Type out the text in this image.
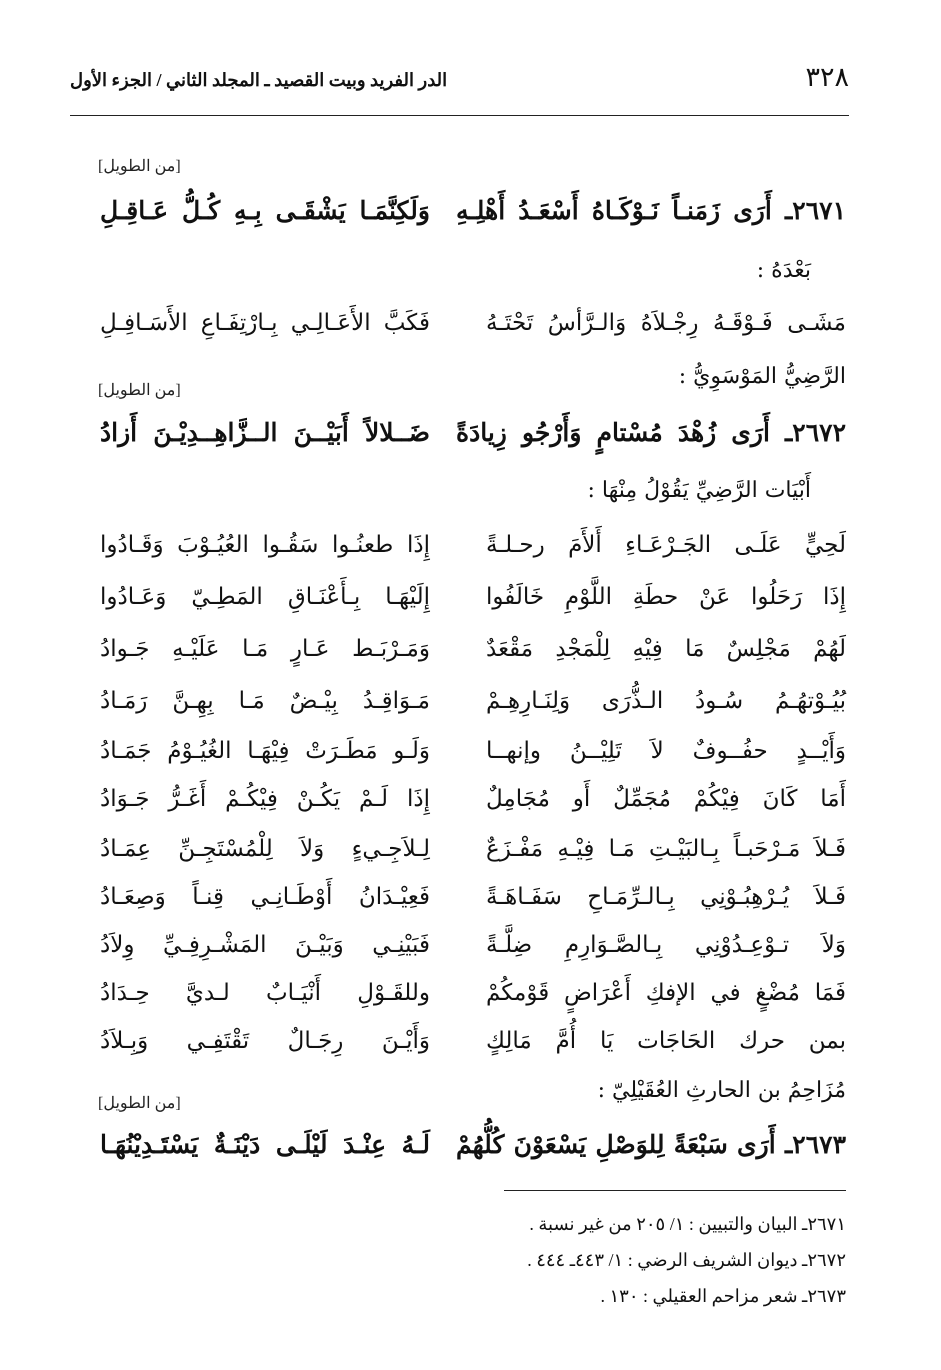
٣٢٨
الدر الفريد وبيت القصيد ـ المجلد الثاني / الجزء الأول
[من الطويل]
٢٦٧١ـ أَرَى زَمَنـاً نَـوْكَـاهُ أَسْعَـدُ أَهْلِـهِ
وَلَكِنَّمَـا يَشْقَـى بِـهِ كُـلُّ عَـاقِـلِ
بَعْدَهُ :
مَشَـى فَـوْقَـهُ رِجْـلاَهُ وَالـرَّأسُ تَحْتَـهُ
فَكَبَّ الأَعَـالِـي بِـارْتِفَـاعِ الأَسَـافِـلِ
الرَّضِيُّ المَوْسَوِيُّ :
[من الطويل]
٢٦٧٢ـ أَرَى زُهْدَ مُسْتامٍ وَأَرْجُو زِيادَةً
ضَــلالاً أَبَيْــنَ الــزَّاهِــدِيْـنَ أَزادُ
أَبْيَات الرَّضِيِّ يَقُوْلُ مِنْهَا :
لَحِيٍّ عَلَـى الجَـرْعَـاءِ أَلأَمَ رحـلـةً
إِذَا طعنُـوا سَقُـوا العُيُـوْبَ وَقَـادُوا
إِذَا رَحَلُوا عَنْ حطَةِ اللَّوْمِ خَالَفُوا
إِلَيْهَـا بِـأَعْنَـاقِ المَطِـيّ وَعَـادُوا
لَهُمْ مَجْلِسٌ مَا فِيْهِ لِلْمَجْدِ مَقْعَدٌ
وَمَـرْبَـط عَـارٍ مَـا عَلَيْـهِ جَـوادُ
بُيُـوْتهُـمُ سُـودُ الـذُّرَى وَلِنَـارِهِـمْ
مَـوَاقِـدُ بِيْـضٌ مَـا بِهِـنَّ رَمَـادُ
وَأَيْــدٍ حفُــوفٌ لاَ تَلِيْــنُ وإنهــا
وَلَـو مَطَـرَتْ فِيْهَـا الغُيُـوْمُ جَمَـادُ
أَمَا كَانَ فِيْكُمْ مُجَمِّلٌ أَو مُجَامِلٌ
إِذَا لَـمْ يَكُـنْ فِيْكُـمْ أَغَـرُّ جَـوَادُ
فَـلاَ مَـرْحَبـاً بِـالبَيْـتِ مَـا فِيْـهِ مَفْـزَعٌ
لِـلاَجِـيءٍ وَلاَ لِلْمُسْتَجِـنِّ عِمَـادُ
فَـلاَ يُـرْهِبُـوْنِي بِـالـرِّمَـاحِ سَفَـاهَـةً
فَعِيْـدَانُ أَوْطَـانِـي قِنـاً وَصِعَـادُ
وَلاَ تـوْعِـدُوْنِي بِـالصَّـوَارِمِ ضِلَّـةً
فَبَيْنِـي وَبَيْـنَ المَشْـرِفِـيِّ وِلاَدُ
فَمَا مُضْغٍ في الإفكِ أَعْرَاضٍ قَوْمكُمْ
وللقَـوْلِ أَنْيَـابٌ لـديَّ حِـدَادُ
بمن حرك الحَاجَات يَا أُمَّ مَالِكٍ
وَأَيْـنَ رِجَـالٌ تَقْتَفِـي وَبِـلاَدُ
مُزَاحِمُ بن الحارثِ العُقَيْلِيّ :
[من الطويل]
٢٦٧٣ـ أَرَى سَبْعَةً لِلوَصْلِ يَسْعَوْنَ كُلُّهُمْ
لَـهُ عِنْـدَ لَيْلَـى دَيْنَـةٌ يَسْتَـدِيْنُهَـا
٢٦٧١ـ البيان والتبيين : ١/ ٢٠٥ من غير نسبة .
٢٦٧٢ـ ديوان الشريف الرضي : ١/ ٤٤٣ـ ٤٤٤ .
٢٦٧٣ـ شعر مزاحم العقيلي : ١٣٠ .
